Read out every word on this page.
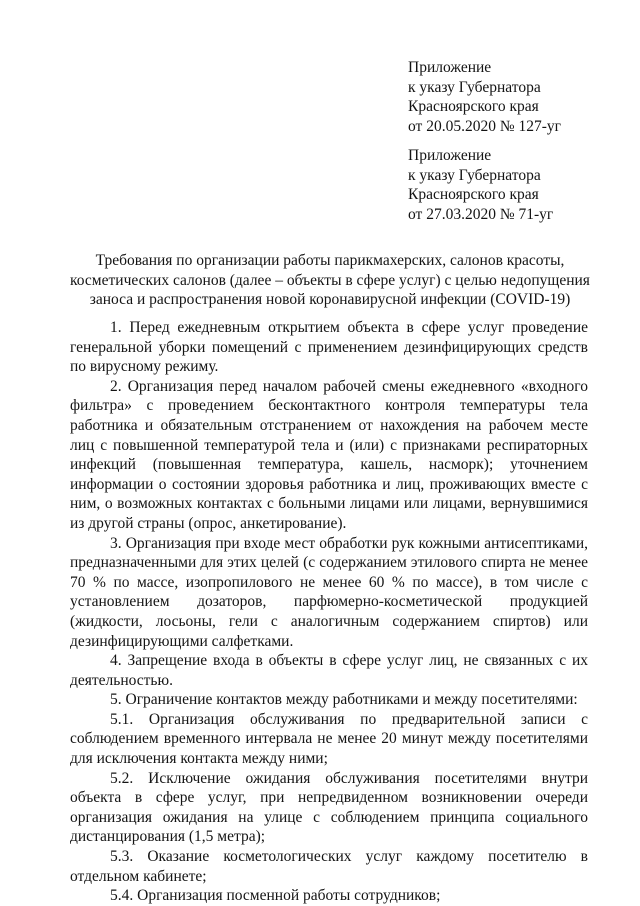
Приложение
к указу Губернатора
Красноярского края
от 20.05.2020 № 127-уг
Приложение
к указу Губернатора
Красноярского края
от 27.03.2020 № 71-уг
Требования по организации работы парикмахерских, салонов красоты, косметических салонов (далее – объекты в сфере услуг) с целью недопущения заноса и распространения новой коронавирусной инфекции (COVID-19)

1. Перед ежедневным открытием объекта в сфере услуг проведение генеральной уборки помещений с применением дезинфицирующих средств по вирусному режиму.

2. Организация перед началом рабочей смены ежедневного «входного фильтра» с проведением бесконтактного контроля температуры тела работника и обязательным отстранением от нахождения на рабочем месте лиц с повышенной температурой тела и (или) с признаками респираторных инфекций (повышенная температура, кашель, насморк); уточнением информации о состоянии здоровья работника и лиц, проживающих вместе с ним, о возможных контактах с больными лицами или лицами, вернувшимися из другой страны (опрос, анкетирование).

3. Организация при входе мест обработки рук кожными антисептиками, предназначенными для этих целей (с содержанием этилового спирта не менее 70 % по массе, изопропилового не менее 60 % по массе), в том числе с установлением дозаторов, парфюмерно-косметической продукцией (жидкости, лосьоны, гели с аналогичным содержанием спиртов) или дезинфицирующими салфетками.

4. Запрещение входа в объекты в сфере услуг лиц, не связанных с их деятельностью.

5. Ограничение контактов между работниками и между посетителями:

5.1. Организация обслуживания по предварительной записи с соблюдением временного интервала не менее 20 минут между посетителями для исключения контакта между ними;

5.2. Исключение ожидания обслуживания посетителями внутри объекта в сфере услуг, при непредвиденном возникновении очереди организация ожидания на улице с соблюдением принципа социального дистанцирования (1,5 метра);

5.3. Оказание косметологических услуг каждому посетителю в отдельном кабинете;

5.4. Организация посменной работы сотрудников;
